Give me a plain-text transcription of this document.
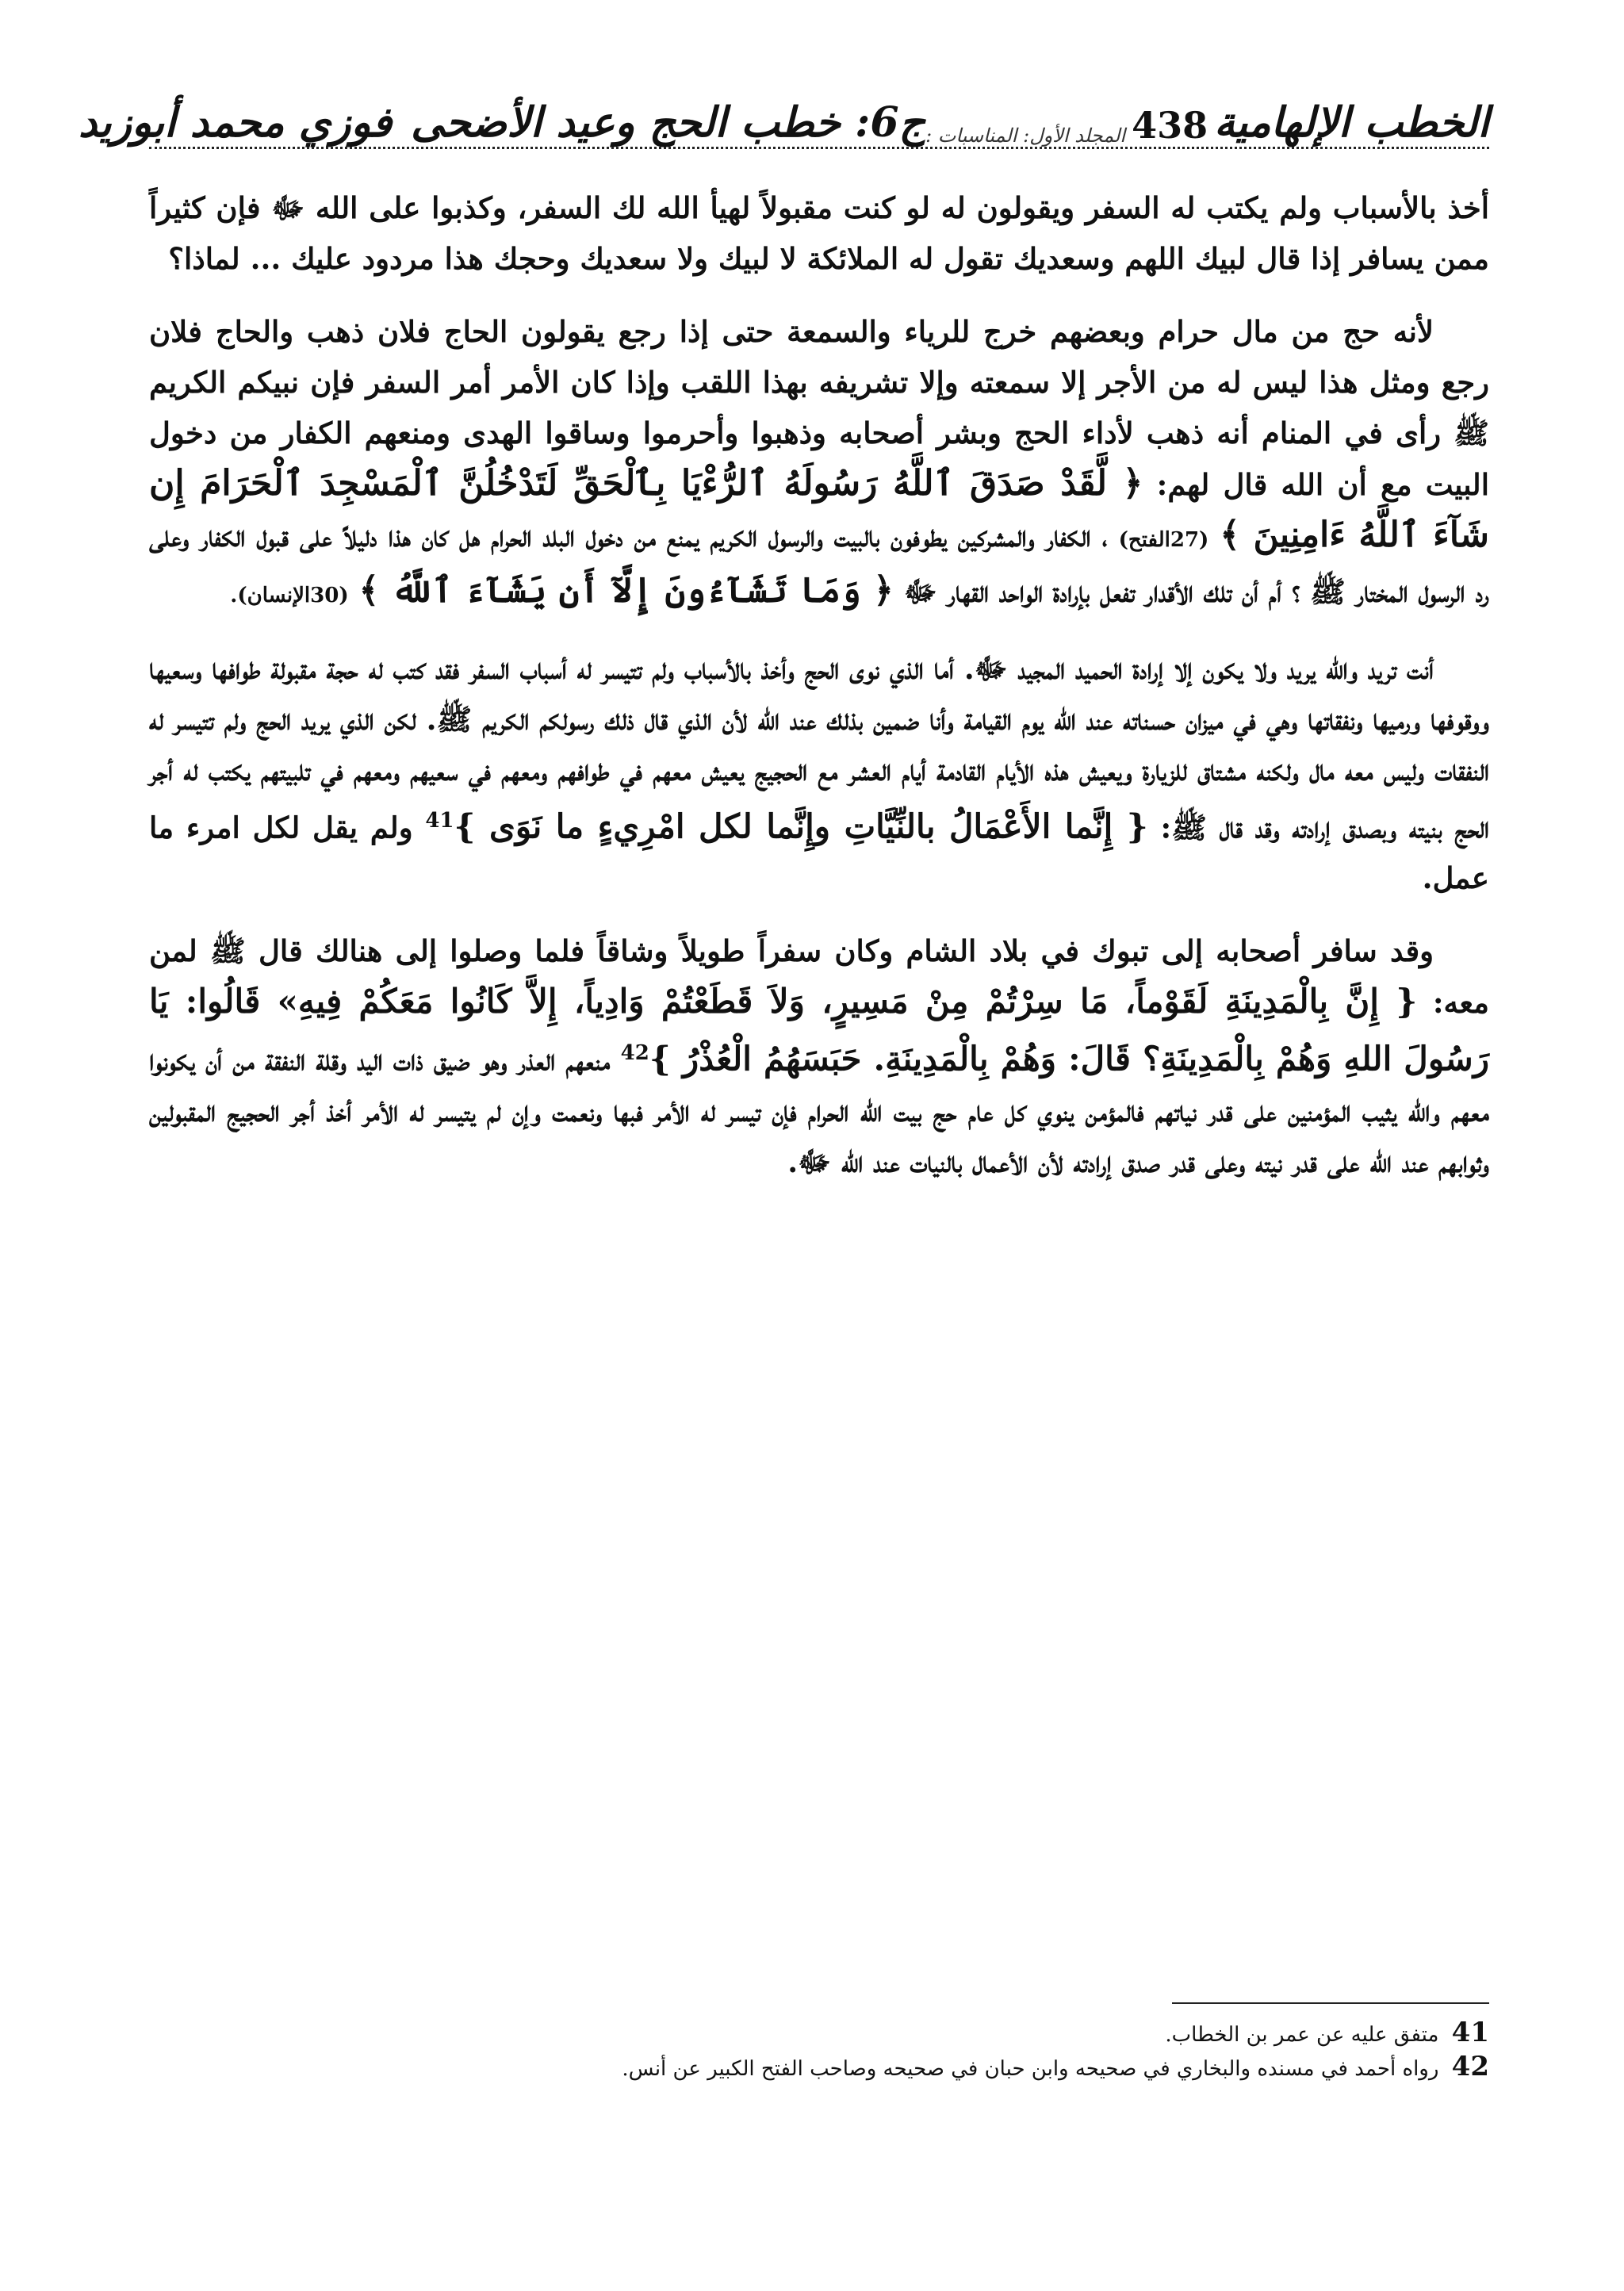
الخطب الإلهامية
438
المجلد الأول: المناسبات :
ج6: خطب الحج وعيد الأضحى
فوزي محمد أبوزيد

أخذ بالأسباب ولم يكتب له السفر ويقولون له لو كنت مقبولاً لهيأ الله لك السفر، وكذبوا على الله ﷻ فإن كثيراً ممن يسافر إذا قال لبيك اللهم وسعديك تقول له الملائكة لا لبيك ولا سعديك وحجك هذا مردود عليك ... لماذا؟

لأنه حج من مال حرام وبعضهم خرج للرياء والسمعة حتى إذا رجع يقولون الحاج فلان ذهب والحاج فلان رجع ومثل هذا ليس له من الأجر إلا سمعته وإلا تشريفه بهذا اللقب وإذا كان الأمر أمر السفر فإن نبيكم الكريم ﷺ رأى في المنام أنه ذهب لأداء الحج وبشر أصحابه وذهبوا وأحرموا وساقوا الهدى ومنعهم الكفار من دخول البيت مع أن الله قال لهم: ﴿ لَّقَدْ صَدَقَ ٱللَّهُ رَسُولَهُ ٱلرُّءْيَا بِٱلْحَقِّ لَتَدْخُلُنَّ ٱلْمَسْجِدَ ٱلْحَرَامَ إِن شَآءَ ٱللَّهُ ءَامِنِينَ ﴾ (27الفتح) ، الكفار والمشركين يطوفون بالبيت والرسول الكريم يمنع من دخول البلد الحرام هل كان هذا دليلاً على قبول الكفار وعلى رد الرسول المختار ﷺ ؟ أم أن تلك الأقدار تفعل بإرادة الواحد القهار ﷻ ﴿ وَمَا تَشَآءُونَ إِلَّآ أَن يَشَآءَ ٱللَّهُ ﴾ (30الإنسان).

أنت تريد والله يريد ولا يكون إلا إرادة الحميد المجيد ﷻ. أما الذي نوى الحج وأخذ بالأسباب ولم تتيسر له أسباب السفر فقد كتب له حجة مقبولة طوافها وسعيها ووقوفها ورميها ونفقاتها وهي في ميزان حسناته عند الله يوم القيامة وأنا ضمين بذلك عند الله لأن الذي قال ذلك رسولكم الكريم ﷺ. لكن الذي يريد الحج ولم تتيسر له النفقات وليس معه مال ولكنه مشتاق للزيارة ويعيش هذه الأيام القادمة أيام العشر مع الحجيج يعيش معهم في طوافهم ومعهم في سعيهم ومعهم في تلبيتهم يكتب له أجر الحج بنيته وبصدق إرادته وقد قال ﷺ: { إِنَّما الأَعْمَالُ بالنِّيَّاتِ وإِنَّما لكل امْرِيءٍ ما نَوَى }$^{41}$ ولم يقل لكل امرء ما عمل.

وقد سافر أصحابه إلى تبوك في بلاد الشام وكان سفراً طويلاً وشاقاً فلما وصلوا إلى هنالك قال ﷺ لمن معه: { إِنَّ بِالْمَدِينَةِ لَقَوْماً، مَا سِرْتُمْ مِنْ مَسِيرٍ، وَلاَ قَطَعْتُمْ وَادِياً، إِلاَّ كَانُوا مَعَكُمْ فِيهِ» قَالُوا: يَا رَسُولَ اللهِ وَهُمْ بِالْمَدِينَةِ؟ قَالَ: وَهُمْ بِالْمَدِينَةِ. حَبَسَهُمُ الْعُذْرُ }$^{42}$ منعهم العذر وهو ضيق ذات اليد وقلة النفقة من أن يكونوا معهم والله يثيب المؤمنين على قدر نياتهم فالمؤمن ينوي كل عام حج بيت الله الحرام فإن تيسر له الأمر فبها ونعمت وإن لم يتيسر له الأمر أخذ أجر الحجيج المقبولين وثوابهم عند الله على قدر نيته وعلى قدر صدق إرادته لأن الأعمال بالنيات عند الله ﷻ.

41 متفق عليه عن عمر بن الخطاب.
42 رواه أحمد في مسنده والبخاري في صحيحه وابن حبان في صحيحه وصاحب الفتح الكبير عن أنس.
